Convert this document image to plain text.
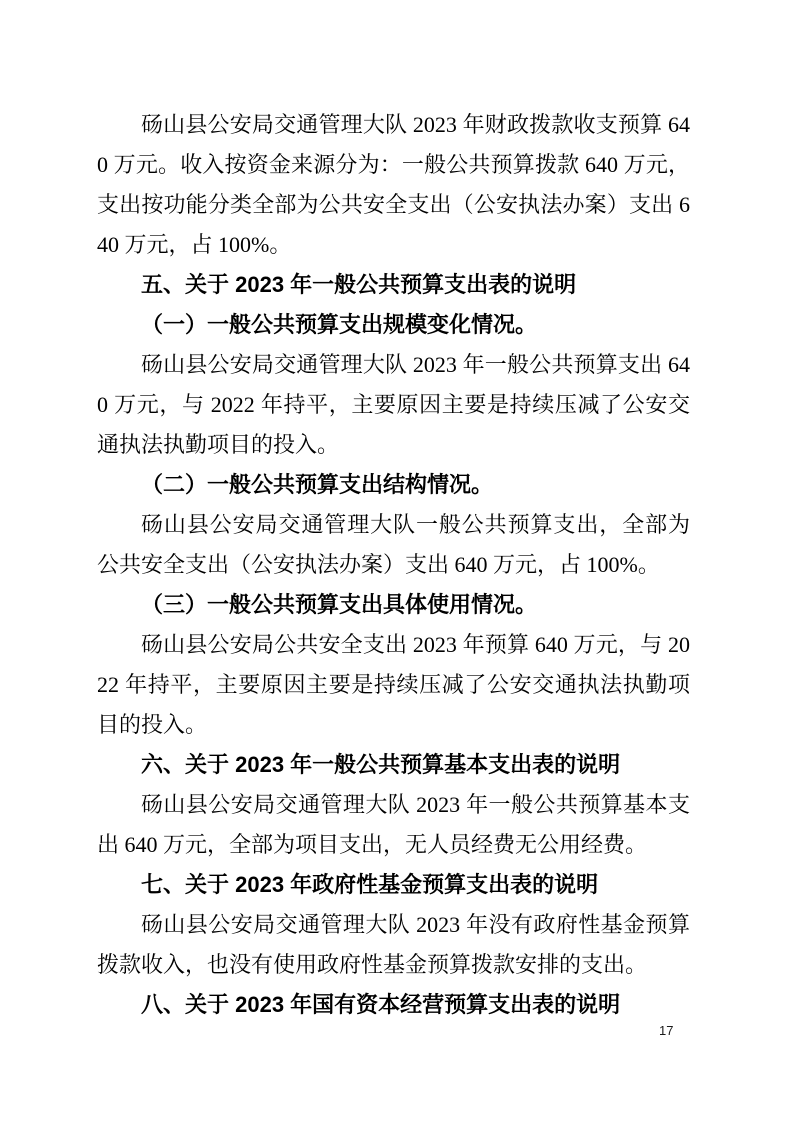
砀山县公安局交通管理大队 2023 年财政拨款收支预算 640 万元。收入按资金来源分为：一般公共预算拨款 640 万元，支出按功能分类全部为公共安全支出（公安执法办案）支出 640 万元，占 100%。

五、关于 2023 年一般公共预算支出表的说明

（一）一般公共预算支出规模变化情况。

砀山县公安局交通管理大队 2023 年一般公共预算支出 640 万元，与 2022 年持平，主要原因主要是持续压减了公安交通执法执勤项目的投入。

（二）一般公共预算支出结构情况。

砀山县公安局交通管理大队一般公共预算支出，全部为公共安全支出（公安执法办案）支出 640 万元，占 100%。

（三）一般公共预算支出具体使用情况。

砀山县公安局公共安全支出 2023 年预算 640 万元，与 2022 年持平，主要原因主要是持续压减了公安交通执法执勤项目的投入。

六、关于 2023 年一般公共预算基本支出表的说明

砀山县公安局交通管理大队 2023 年一般公共预算基本支出 640 万元，全部为项目支出，无人员经费无公用经费。

七、关于 2023 年政府性基金预算支出表的说明

砀山县公安局交通管理大队 2023 年没有政府性基金预算拨款收入，也没有使用政府性基金预算拨款安排的支出。

八、关于 2023 年国有资本经营预算支出表的说明

17
